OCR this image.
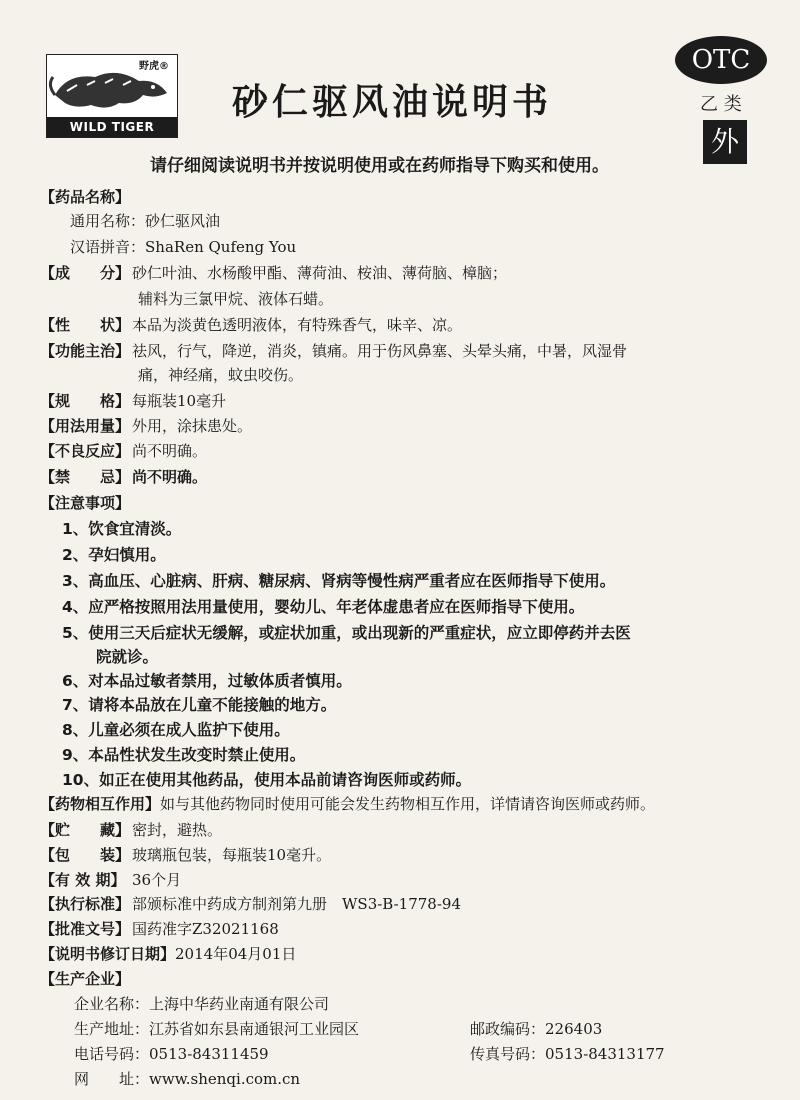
野虎®
WILD TIGER
砂仁驱风油说明书
OTC
乙 类
外
请仔细阅读说明书并按说明使用或在药师指导下购买和使用。
【药品名称】
通用名称：砂仁驱风油
汉语拼音：ShaRen Qufeng You
【成　　分】 砂仁叶油、水杨酸甲酯、薄荷油、桉油、薄荷脑、樟脑；
辅料为三氯甲烷、液体石蜡。
【性　　状】 本品为淡黄色透明液体，有特殊香气，味辛、凉。
【功能主治】 祛风，行气，降逆，消炎，镇痛。用于伤风鼻塞、头晕头痛，中暑，风湿骨
痛，神经痛，蚊虫咬伤。
【规　　格】 每瓶装10毫升
【用法用量】 外用，涂抹患处。
【不良反应】 尚不明确。
【禁　　忌】 尚不明确。
【注意事项】
1、饮食宜清淡。
2、孕妇慎用。
3、高血压、心脏病、肝病、糖尿病、肾病等慢性病严重者应在医师指导下使用。
4、应严格按照用法用量使用，婴幼儿、年老体虚患者应在医师指导下使用。
5、使用三天后症状无缓解，或症状加重，或出现新的严重症状，应立即停药并去医
院就诊。
6、对本品过敏者禁用，过敏体质者慎用。
7、请将本品放在儿童不能接触的地方。
8、儿童必须在成人监护下使用。
9、本品性状发生改变时禁止使用。
10、如正在使用其他药品，使用本品前请咨询医师或药师。
【药物相互作用】如与其他药物同时使用可能会发生药物相互作用，详情请咨询医师或药师。
【贮　　藏】 密封，避热。
【包　　装】 玻璃瓶包装，每瓶装10毫升。
【有 效 期】 36个月
【执行标准】 部颁标准中药成方制剂第九册　WS3-B-1778-94
【批准文号】 国药准字Z32021168
【说明书修订日期】2014年04月01日
【生产企业】
企业名称：上海中华药业南通有限公司
生产地址：江苏省如东县南通银河工业园区	邮政编码：226403
电话号码：0513-84311459	传真号码：0513-84313177
网　　址：www.shenqi.com.cn
